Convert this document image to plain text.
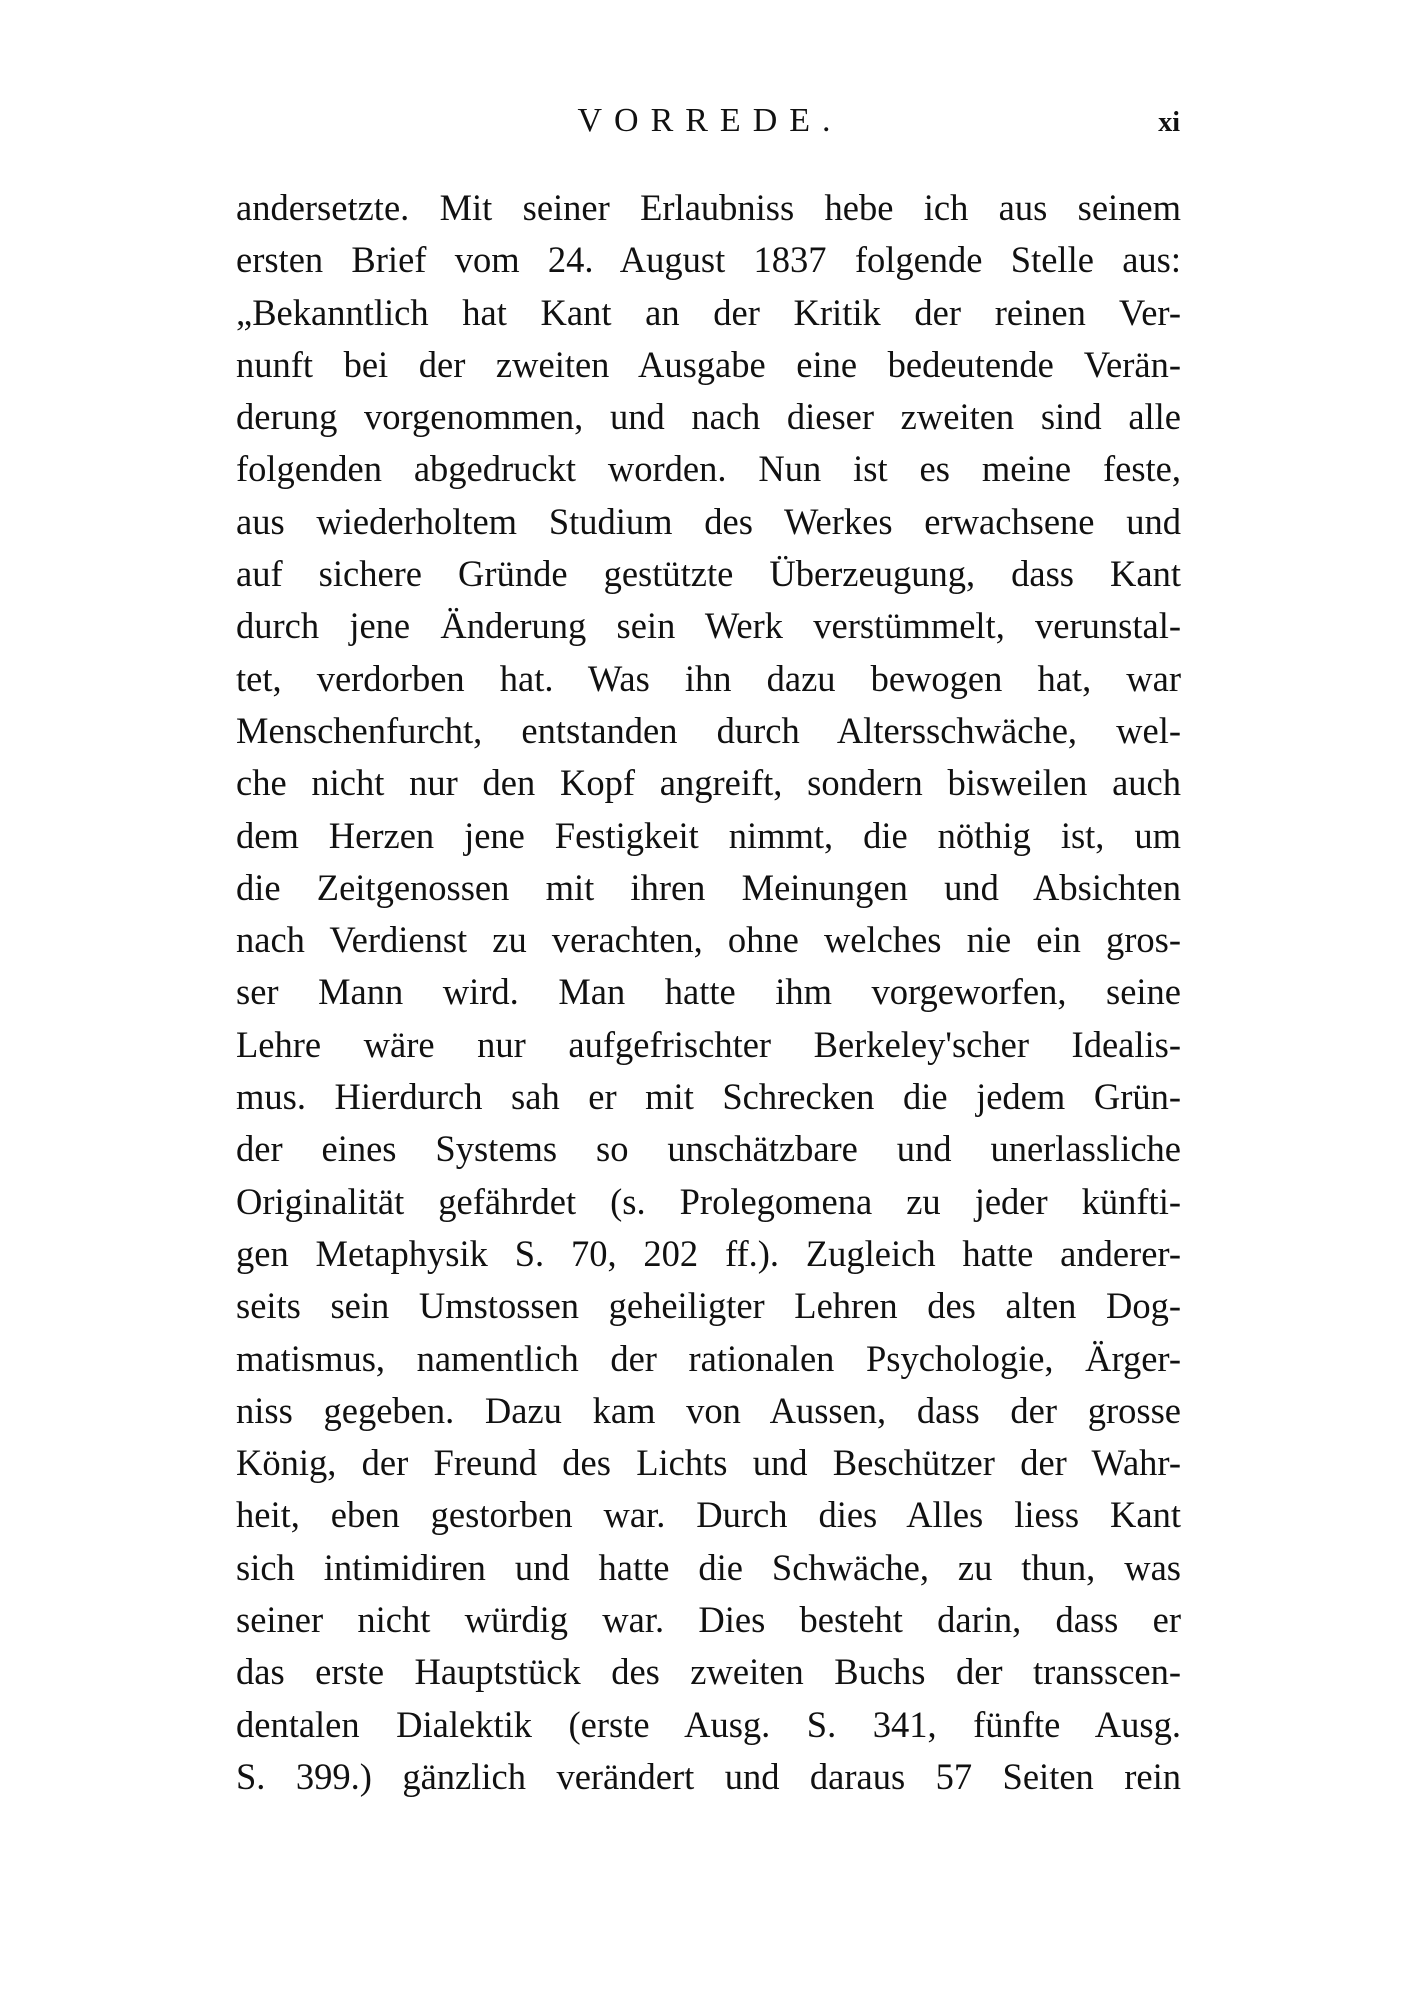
VORREDE.	xi
andersetzte. Mit seiner Erlaubniss hebe ich aus seinem
ersten Brief vom 24. August 1837 folgende Stelle aus:
„Bekanntlich hat Kant an der Kritik der reinen Ver-
nunft bei der zweiten Ausgabe eine bedeutende Verän-
derung vorgenommen, und nach dieser zweiten sind alle
folgenden abgedruckt worden. Nun ist es meine feste,
aus wiederholtem Studium des Werkes erwachsene und
auf sichere Gründe gestützte Überzeugung, dass Kant
durch jene Änderung sein Werk verstümmelt, verunstal-
tet, verdorben hat. Was ihn dazu bewogen hat, war
Menschenfurcht, entstanden durch Altersschwäche, wel-
che nicht nur den Kopf angreift, sondern bisweilen auch
dem Herzen jene Festigkeit nimmt, die nöthig ist, um
die Zeitgenossen mit ihren Meinungen und Absichten
nach Verdienst zu verachten, ohne welches nie ein gros-
ser Mann wird. Man hatte ihm vorgeworfen, seine
Lehre wäre nur aufgefrischter Berkeley'scher Idealis-
mus. Hierdurch sah er mit Schrecken die jedem Grün-
der eines Systems so unschätzbare und unerlassliche
Originalität gefährdet (s. Prolegomena zu jeder künfti-
gen Metaphysik S. 70, 202 ff.). Zugleich hatte anderer-
seits sein Umstossen geheiligter Lehren des alten Dog-
matismus, namentlich der rationalen Psychologie, Ärger-
niss gegeben. Dazu kam von Aussen, dass der grosse
König, der Freund des Lichts und Beschützer der Wahr-
heit, eben gestorben war. Durch dies Alles liess Kant
sich intimidiren und hatte die Schwäche, zu thun, was
seiner nicht würdig war. Dies besteht darin, dass er
das erste Hauptstück des zweiten Buchs der transscen-
dentalen Dialektik (erste Ausg. S. 341, fünfte Ausg.
S. 399.) gänzlich verändert und daraus 57 Seiten rein
